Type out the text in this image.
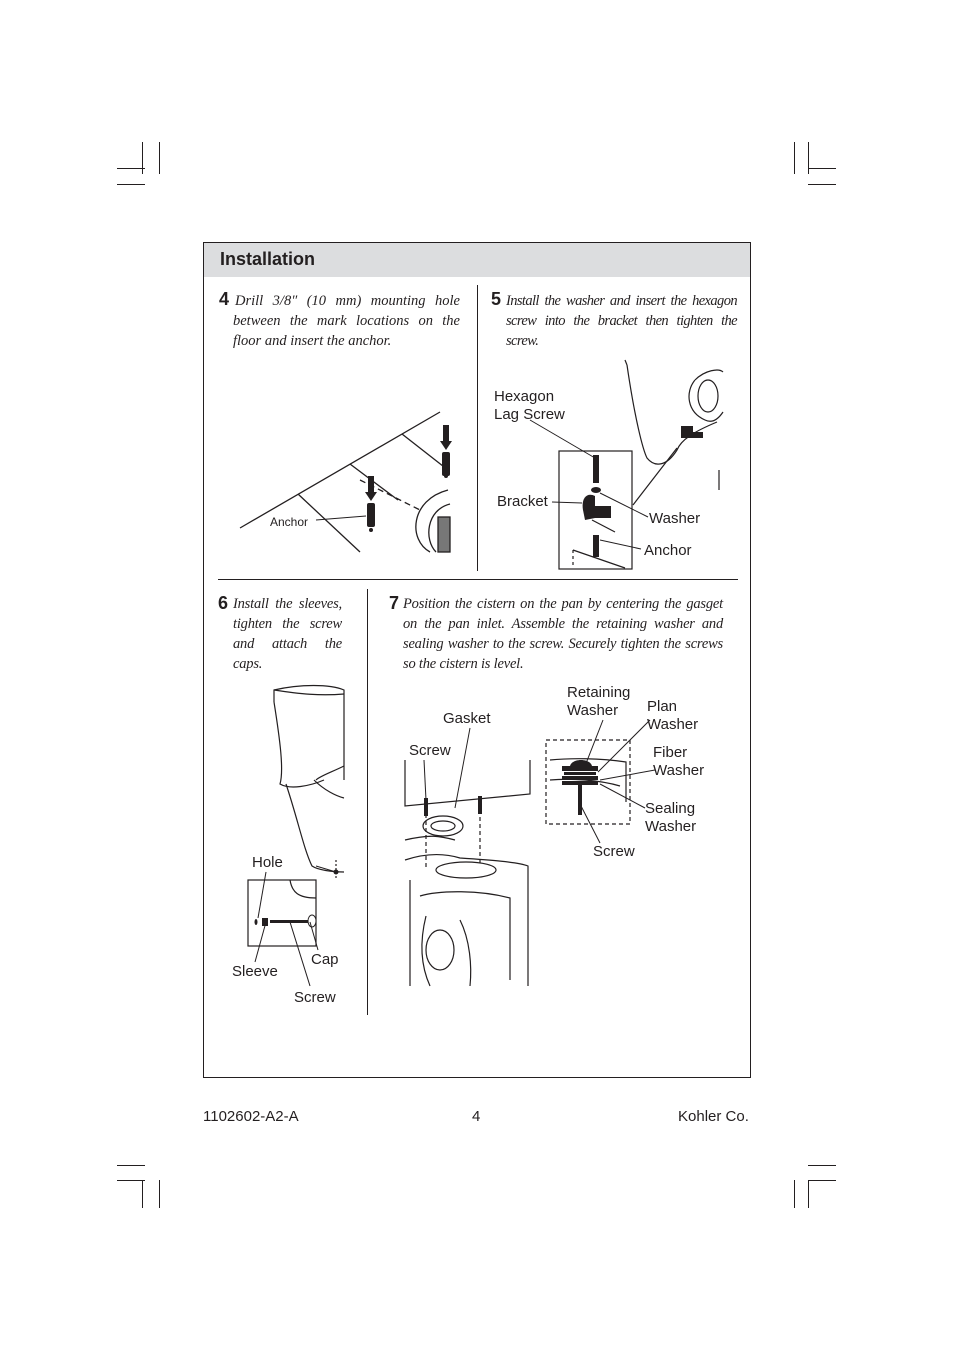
Installation
4 Drill 3/8″ (10 mm) mounting hole between the mark locations on the floor and insert the anchor.
5 Install the washer and insert the hexagon screw into the bracket then tighten the screw.
6 Install the sleeves, tighten the screw and attach the caps.
7 Position the cistern on the pan by centering the gasget on the pan inlet. Assemble the retaining washer and sealing washer to the screw. Securely tighten the screws so the cistern is level.
Anchor
Hexagon
Lag Screw
Bracket
Washer
Anchor
Hole
Sleeve
Cap
Screw
Gasket
Screw
Retaining
Washer	Plan
Washer
Fiber
Washer
Sealing
Washer
Screw
1102602-A2-A	4	Kohler Co.
